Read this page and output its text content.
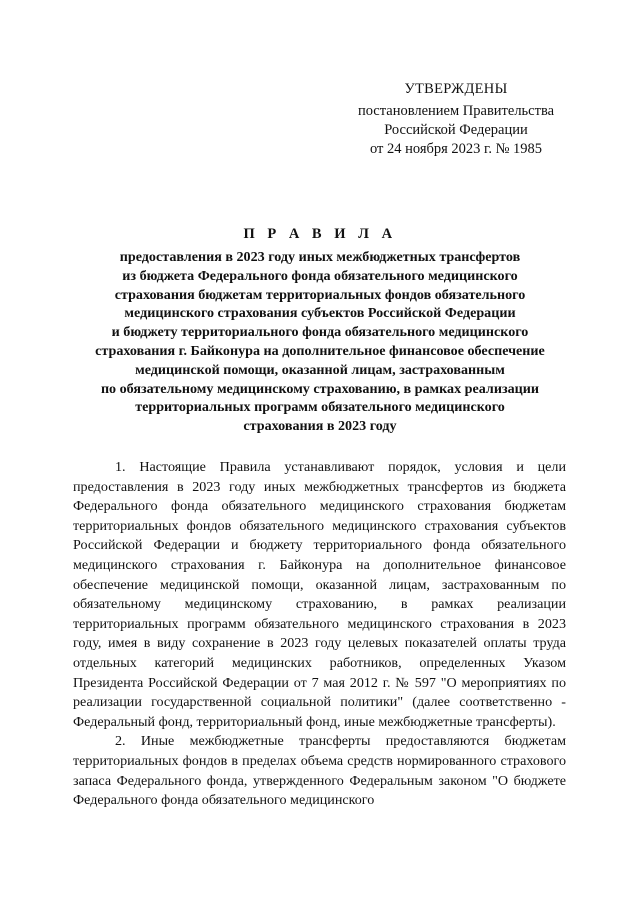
УТВЕРЖДЕНЫ
постановлением Правительства
Российской Федерации
от 24 ноября 2023 г. № 1985
П Р А В И Л А
предоставления в 2023 году иных межбюджетных трансфертов
из бюджета Федерального фонда обязательного медицинского
страхования бюджетам территориальных фондов обязательного
медицинского страхования субъектов Российской Федерации
и бюджету территориального фонда обязательного медицинского
страхования г. Байконура на дополнительное финансовое обеспечение
медицинской помощи, оказанной лицам, застрахованным
по обязательному медицинскому страхованию, в рамках реализации
территориальных программ обязательного медицинского
страхования в 2023 году

1. Настоящие Правила устанавливают порядок, условия и цели предоставления в 2023 году иных межбюджетных трансфертов из бюджета Федерального фонда обязательного медицинского страхования бюджетам территориальных фондов обязательного медицинского страхования субъектов Российской Федерации и бюджету территориального фонда обязательного медицинского страхования г. Байконура на дополнительное финансовое обеспечение медицинской помощи, оказанной лицам, застрахованным по обязательному медицинскому страхованию, в рамках реализации территориальных программ обязательного медицинского страхования в 2023 году, имея в виду сохранение в 2023 году целевых показателей оплаты труда отдельных категорий медицинских работников, определенных Указом Президента Российской Федерации от 7 мая 2012 г. № 597 "О мероприятиях по реализации государственной социальной политики" (далее соответственно - Федеральный фонд, территориальный фонд, иные межбюджетные трансферты).

2. Иные межбюджетные трансферты предоставляются бюджетам территориальных фондов в пределах объема средств нормированного страхового запаса Федерального фонда, утвержденного Федеральным законом "О бюджете Федерального фонда обязательного медицинского
